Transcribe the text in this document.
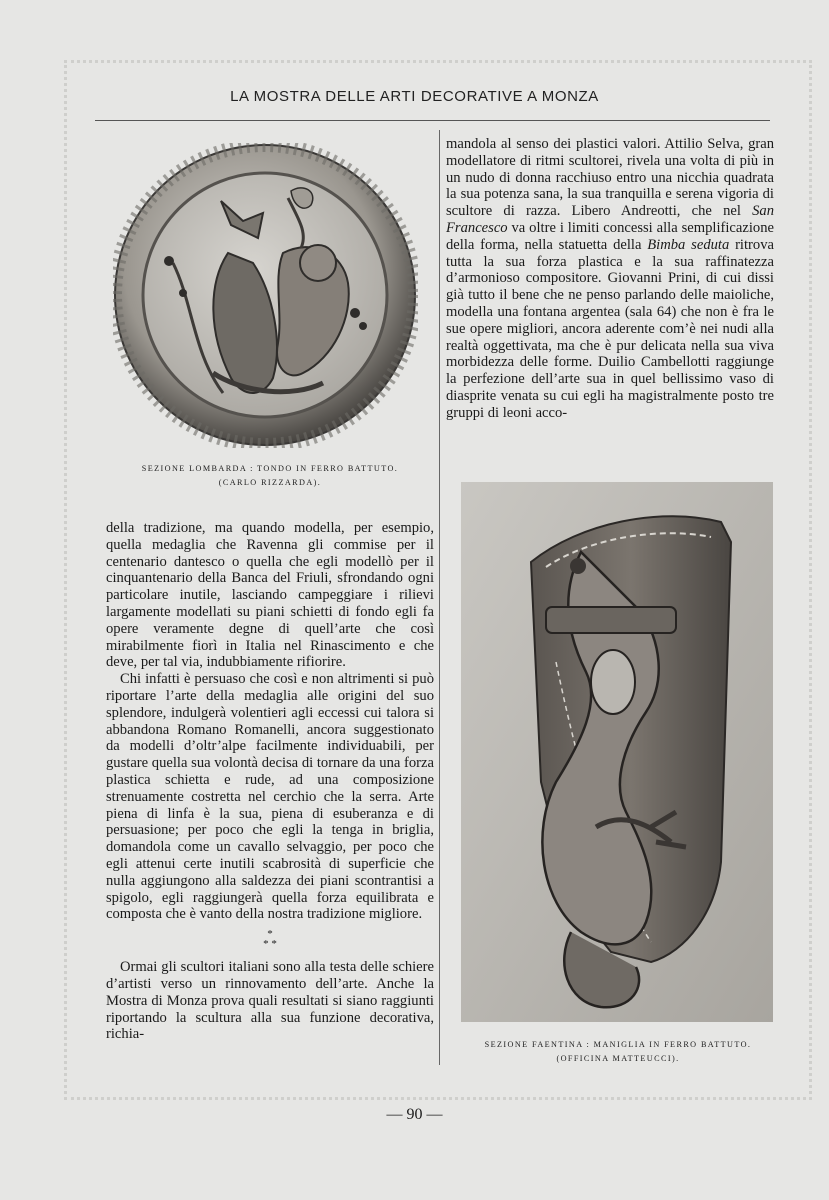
LA MOSTRA DELLE ARTI DECORATIVE A MONZA
SEZIONE LOMBARDA : TONDO IN FERRO BATTUTO.
(CARLO RIZZARDA).
SEZIONE FAENTINA : MANIGLIA IN FERRO BATTUTO.
(OFFICINA MATTEUCCI).

mandola al senso dei plastici valori. Attilio Selva, gran modellatore di ritmi scultorei, rivela una volta di più in un nudo di donna racchiuso entro una nicchia quadrata la sua potenza sana, la sua tranquilla e serena vigoria di scultore di razza. Libero Andreotti, che nel San Francesco va oltre i limiti concessi alla semplificazione della forma, nella statuetta della Bimba seduta ritrova tutta la sua forza plastica e la sua raffinatezza d’armonioso compositore. Giovanni Prini, di cui dissi già tutto il bene che ne penso parlando delle maioliche, modella una fontana argentea (sala 64) che non è fra le sue opere migliori, ancora aderente com’è nei nudi alla realtà oggettivata, ma che è pur delicata nella sua viva morbidezza delle forme. Duilio Cambellotti raggiunge la perfezione dell’arte sua in quel bellissimo vaso di diasprite venata su cui egli ha magistralmente posto tre gruppi di leoni acco-

della tradizione, ma quando modella, per esempio, quella medaglia che Ravenna gli commise per il centenario dantesco o quella che egli modellò per il cinquantenario della Banca del Friuli, sfrondando ogni particolare inutile, lasciando campeggiare i rilievi largamente modellati su piani schietti di fondo egli fa opere veramente degne di quell’arte che così mirabilmente fiorì in Italia nel Rinascimento e che deve, per tal via, indubbiamente rifiorire.

Chi infatti è persuaso che così e non altrimenti si può riportare l’arte della medaglia alle origini del suo splendore, indulgerà volentieri agli eccessi cui talora si abbandona Romano Romanelli, ancora suggestionato da modelli d’oltr’alpe facilmente individuabili, per gustare quella sua volontà decisa di tornare da una forza plastica schietta e rude, ad una composizione strenuamente costretta nel cerchio che la serra. Arte piena di linfa è la sua, piena di esuberanza e di persuasione; per poco che egli la tenga in briglia, domandola come un cavallo selvaggio, per poco che egli attenui certe inutili scabrosità di superficie che nulla aggiungono alla saldezza dei piani scontrantisi a spigolo, egli raggiungerà quella forza equilibrata e composta che è vanto della nostra tradizione migliore.

*
* *

Ormai gli scultori italiani sono alla testa delle schiere d’artisti verso un rinnovamento dell’arte. Anche la Mostra di Monza prova quali resultati si siano raggiunti riportando la scultura alla sua funzione decorativa, richia-

— 90 —
